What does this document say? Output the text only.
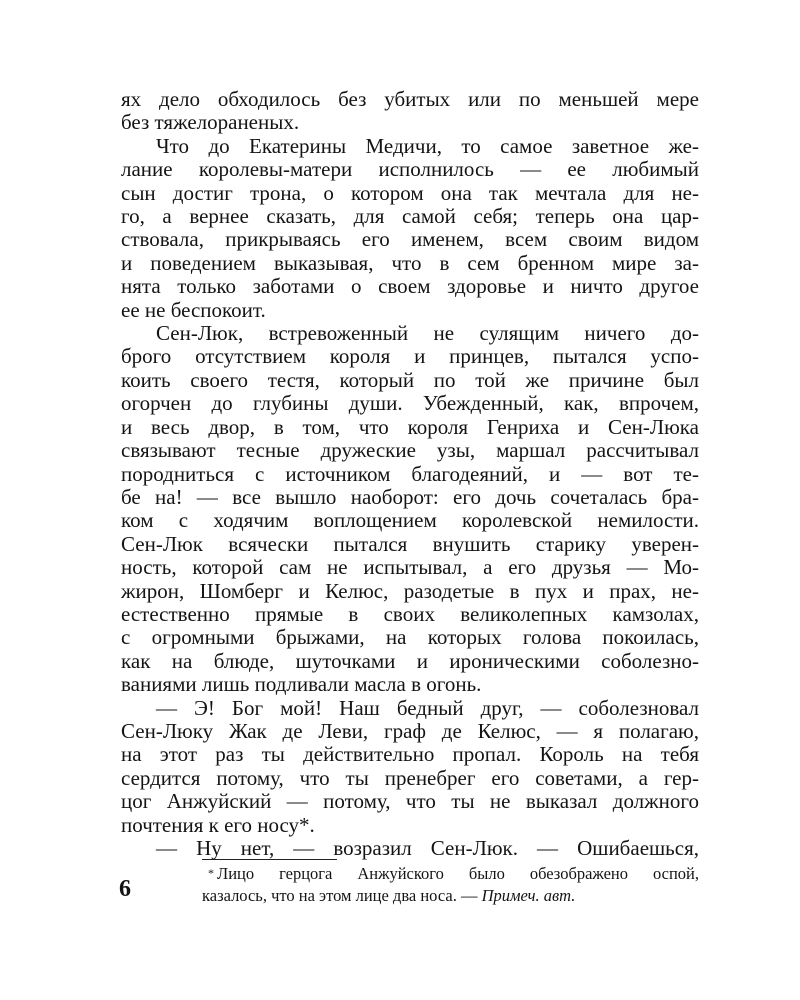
ях дело обходилось без убитых или по меньшей мере
без тяжелораненых.
Что до Екатерины Медичи, то самое заветное же-
лание королевы-матери исполнилось — ее любимый
сын достиг трона, о котором она так мечтала для не-
го, а вернее сказать, для самой себя; теперь она цар-
ствовала, прикрываясь его именем, всем своим видом
и поведением выказывая, что в сем бренном мире за-
нята только заботами о своем здоровье и ничто другое
ее не беспокоит.
Сен-Люк, встревоженный не сулящим ничего до-
брого отсутствием короля и принцев, пытался успо-
коить своего тестя, который по той же причине был
огорчен до глубины души. Убежденный, как, впрочем,
и весь двор, в том, что короля Генриха и Сен-Люка
связывают тесные дружеские узы, маршал рассчитывал
породниться с источником благодеяний, и — вот те-
бе на! — все вышло наоборот: его дочь сочеталась бра-
ком с ходячим воплощением королевской немилости.
Сен-Люк всячески пытался внушить старику уверен-
ность, которой сам не испытывал, а его друзья — Мо-
жирон, Шомберг и Келюс, разодетые в пух и прах, не-
естественно прямые в своих великолепных камзолах,
с огромными брыжами, на которых голова покоилась,
как на блюде, шуточками и ироническими соболезно-
ваниями лишь подливали масла в огонь.
— Э! Бог мой! Наш бедный друг, — соболезновал
Сен-Люку Жак де Леви, граф де Келюс, — я полагаю,
на этот раз ты действительно пропал. Король на тебя
сердится потому, что ты пренебрег его советами, а гер-
цог Анжуйский — потому, что ты не выказал должного
почтения к его носу*.
— Ну нет, — возразил Сен-Люк. — Ошибаешься,
* Лицо герцога Анжуйского было обезображено оспой,
казалось, что на этом лице два носа. — Примеч. авт.
6
